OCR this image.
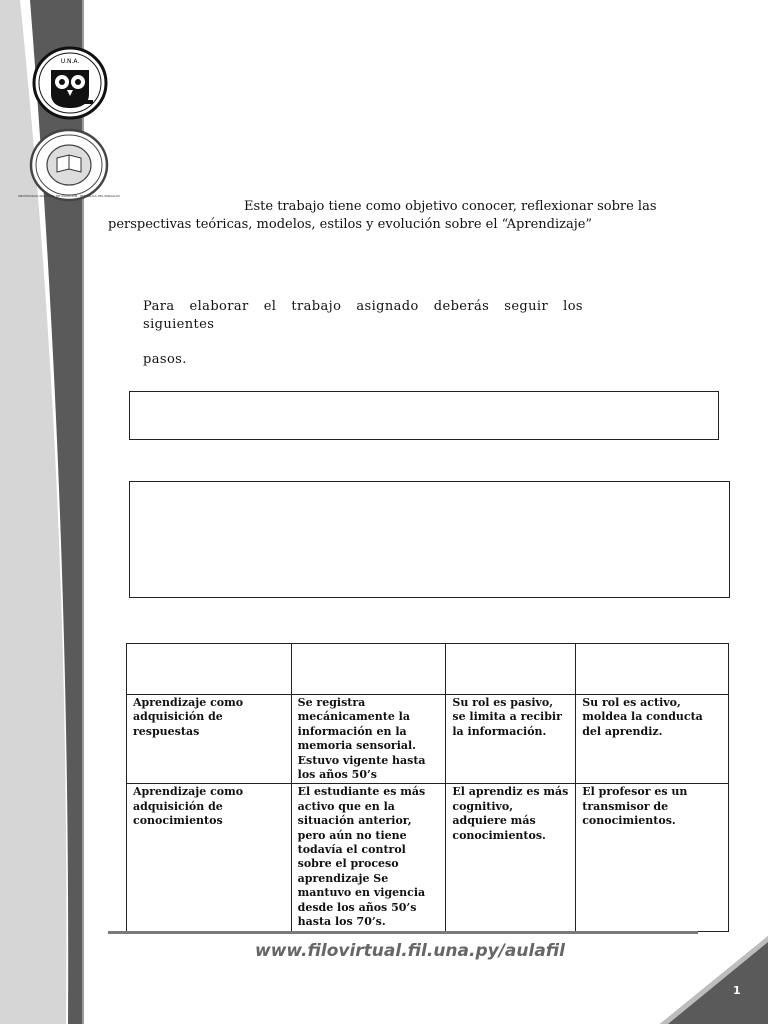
U.N.A.
UNIVERSIDAD NACIONAL DE ASUNCIÓN · REPÚBLICA DEL PARAGUAY
Este trabajo tiene como objetivo conocer, reflexionar sobre las perspectivas teóricas, modelos, estilos y evolución sobre el “Aprendizaje”
Para elaborar el trabajo asignado deberás seguir los siguientes
pasos.

Aprendizaje como adquisición de respuestas	Se registra mecánicamente la información en la memoria sensorial. Estuvo vigente hasta los años 50’s	Su rol es pasivo, se limita a recibir la información.	Su rol es activo, moldea la conducta del aprendiz.
Aprendizaje como adquisición de conocimientos	El estudiante es más activo que en la situación anterior, pero aún no tiene todavía el control sobre el proceso aprendizaje Se mantuvo en vigencia desde los años 50’s hasta los 70’s.	El aprendiz es más cognitivo, adquiere más conocimientos.	El profesor es un transmisor de conocimientos.
www.filovirtual.fil.una.py/aulafil
1
